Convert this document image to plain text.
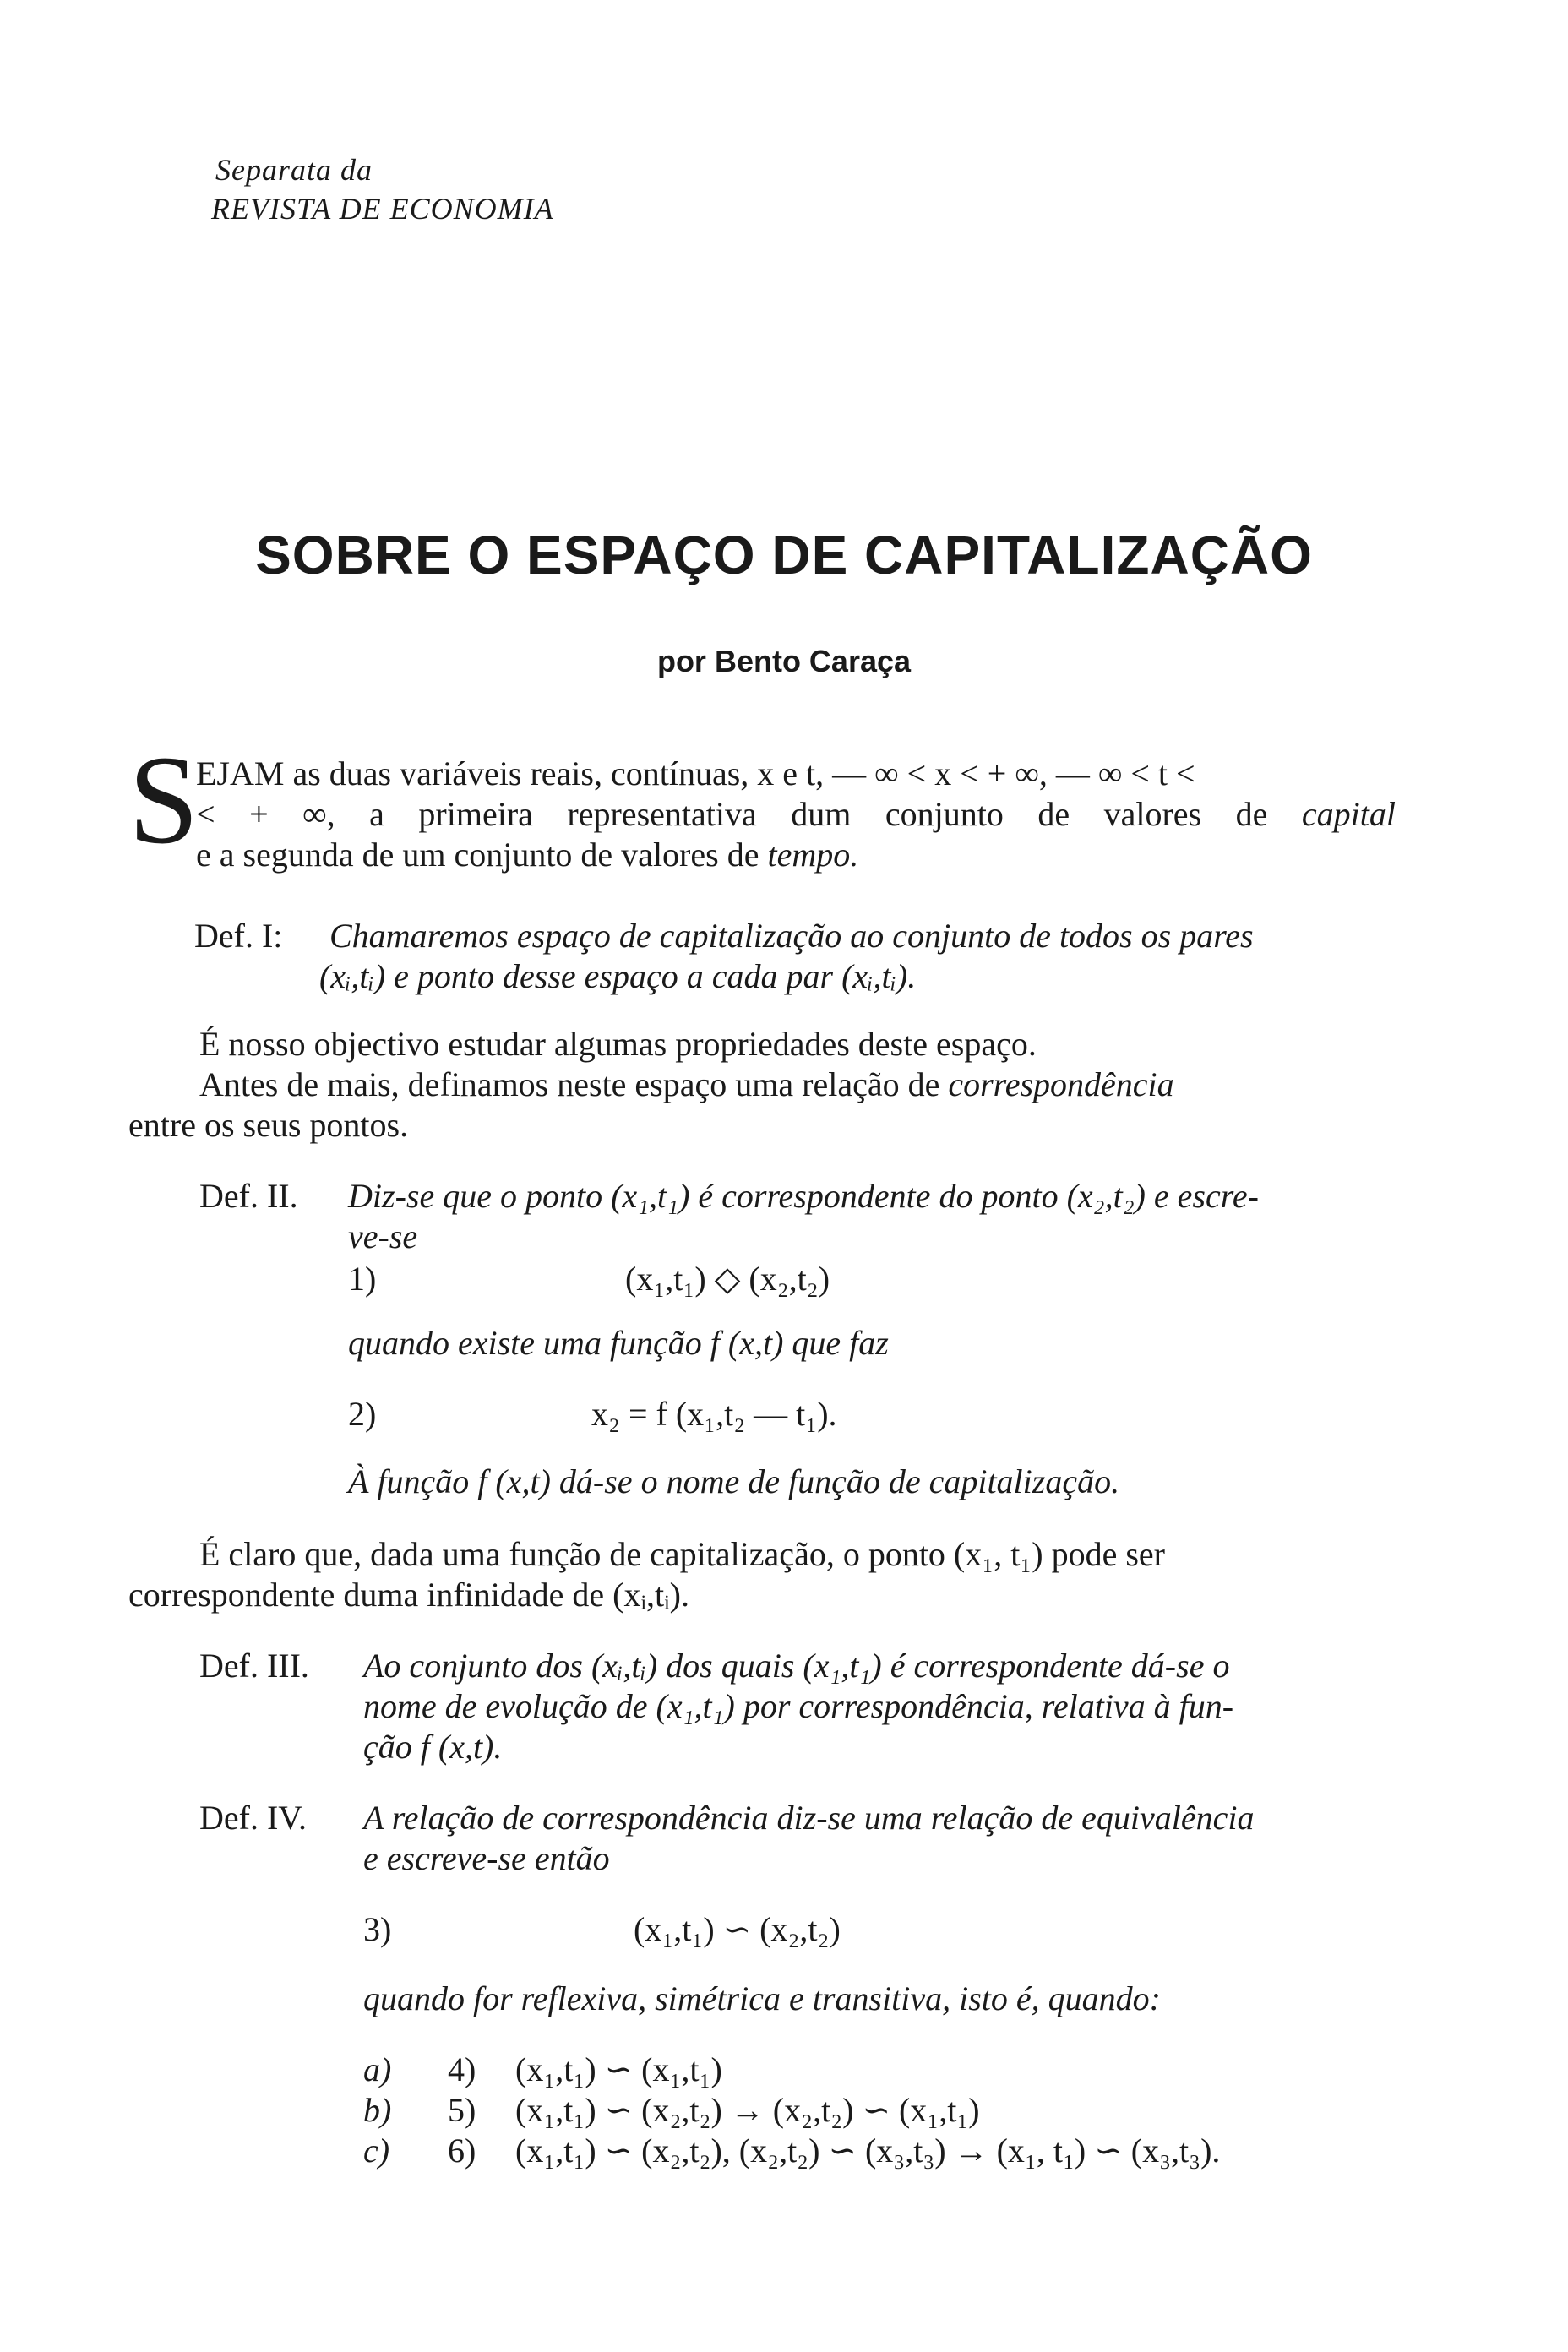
Separata da
REVISTA DE ECONOMIA
SOBRE O ESPAÇO DE CAPITALIZAÇÃO
por Bento Caraça
S
EJAM as duas variáveis reais, contínuas, x e t, — ∞ < x < + ∞, — ∞ < t <
< + ∞, a primeira representativa dum conjunto de valores de capital
e a segunda de um conjunto de valores de tempo.
Def. I: Chamaremos espaço de capitalização ao conjunto de todos os pares
(xᵢ,tᵢ) e ponto desse espaço a cada par (xᵢ,tᵢ).
É nosso objectivo estudar algumas propriedades deste espaço.
Antes de mais, definamos neste espaço uma relação de correspondência
entre os seus pontos.
Def. II. Diz-se que o ponto (x₁,t₁) é correspondente do ponto (x₂,t₂) e escre-
ve-se
1)	(x₁,t₁) ◇ (x₂,t₂)
quando existe uma função f (x,t) que faz
2)	x₂ = f (x₁,t₂ — t₁).
À função f (x,t) dá-se o nome de função de capitalização.
É claro que, dada uma função de capitalização, o ponto (x₁, t₁) pode ser
correspondente duma infinidade de (xᵢ,tᵢ).
Def. III. Ao conjunto dos (xᵢ,tᵢ) dos quais (x₁,t₁) é correspondente dá-se o
nome de evolução de (x₁,t₁) por correspondência, relativa à fun-
ção f (x,t).
Def. IV. A relação de correspondência diz-se uma relação de equivalência
e escreve-se então
3)	(x₁,t₁) ∽ (x₂,t₂)
quando for reflexiva, simétrica e transitiva, isto é, quando:
a) 4) (x₁,t₁) ∽ (x₁,t₁)
b) 5) (x₁,t₁) ∽ (x₂,t₂) → (x₂,t₂) ∽ (x₁,t₁)
c) 6) (x₁,t₁) ∽ (x₂,t₂), (x₂,t₂) ∽ (x₃,t₃) → (x₁, t₁) ∽ (x₃,t₃).
